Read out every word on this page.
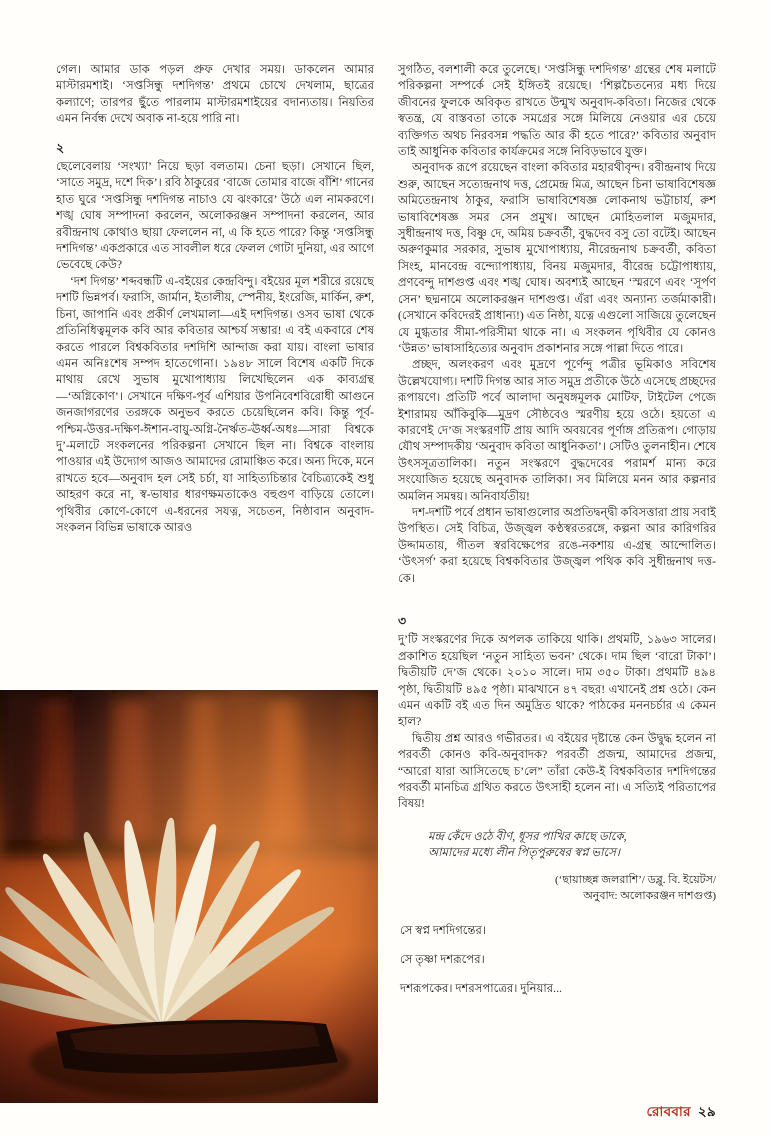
গেল। আমার ডাক পড়ল প্রুফ দেখার সময়। ডাকলেন আমার মাস্টারমশাই। ‘সপ্তসিন্ধু দশদিগন্ত’ প্রথমে চোখে দেখলাম, ছাত্রের কল্যাণে; তারপর ছুঁতে পারলাম মাস্টারমশাইয়ের বদান্যতায়। নিয়তির এমন নির্বন্ধ দেখে অবাক না-হয়ে পারি না।

২

ছেলেবেলায় ‘সংখ্যা’ নিয়ে ছড়া বলতাম। চেনা ছড়া। সেখানে ছিল, ‘সাতে সমুদ্র, দশে দিক’। রবি ঠাকুরের ‘বাজে তোমার বাজে বাঁশি’ গানের হাত ঘুরে ‘সপ্তসিন্ধু দশদিগন্ত নাচাও যে ঝংকারে’ উঠে এল নামকরণে। শঙ্খ ঘোষ সম্পাদনা করলেন, অলোকরঞ্জন সম্পাদনা করলেন, আর রবীন্দ্রনাথ কোথাও ছায়া ফেললেন না, এ কি হতে পারে? কিন্তু ‘সপ্তসিন্ধু দশদিগন্ত’ একপ্রকারে এত সাবলীল ধরে ফেলল গোটা দুনিয়া, এর আগে ভেবেছে কেউ?

‘দশ দিগন্ত’ শব্দবন্ধটি এ-বইয়ের কেন্দ্রবিন্দু। বইয়ের মূল শরীরে রয়েছে দশটি ভিন্নপর্ব। ফরাসি, জার্মান, ইতালীয়, স্পেনীয়, ইংরেজি, মার্কিন, রুশ, চিনা, জাপানি এবং প্রকীর্ণ লেখমালা—এই দশদিগন্ত। ওসব ভাষা থেকে প্রতিনিধিত্বমূলক কবি আর কবিতার আশ্চর্য সম্ভার! এ বই একবারে শেষ করতে পারলে বিশ্বকবিতার দশদিশি আন্দাজ করা যায়। বাংলা ভাষার এমন অনিঃশেষ সম্পদ হাতেগোনা। ১৯৪৮ সালে বিশেষ একটি দিকে মাথায় রেখে সুভাষ মুখোপাধ্যায় লিখেছিলেন এক কাব্যগ্রন্থ—‘অগ্নিকোণ’। সেখানে দক্ষিণ-পূর্ব এশিয়ার উপনিবেশবিরোধী আগুনে জনজাগরণের তরঙ্গকে অনুভব করতে চেয়েছিলেন কবি। কিন্তু পূর্ব-পশ্চিম-উত্তর-দক্ষিণ-ঈশান-বায়ু-অগ্নি-নৈর্ঋত-ঊর্ধ্ব-অধঃ—সারা বিশ্বকে দু’-মলাটে সংকলনের পরিকল্পনা সেখানে ছিল না। বিশ্বকে বাংলায় পাওয়ার এই উদ্যোগ আজও আমাদের রোমাঞ্চিত করে। অন্য দিকে, মনে রাখতে হবে—অনুবাদ হল সেই চর্চা, যা সাহিত্যচিন্তার বৈচিত্র্যকেই শুধু আহরণ করে না, স্ব-ভাষার ধারণক্ষমতাকেও বহুগুণ বাড়িয়ে তোলে। পৃথিবীর কোণে-কোণে এ-ধরনের সযত্ন, সচেতন, নিষ্ঠাবান অনুবাদ-সংকলন বিভিন্ন ভাষাকে আরও

সুগঠিত, বলশালী করে তুলেছে। ‘সপ্তসিন্ধু দশদিগন্ত’ গ্রন্থের শেষ মলাটে পরিকল্পনা সম্পর্কে সেই ইঙ্গিতই রয়েছে। ‘শিল্পচৈতন্যের মধ্য দিয়ে জীবনের ফুলকে অবিকৃত রাখতে উন্মুখ অনুবাদ-কবিতা। নিজের থেকে স্বতন্ত্র, যে বাস্তবতা তাকে সমগ্রের সঙ্গে মিলিয়ে নেওয়ার এর চেয়ে ব্যক্তিগত অথচ নিরবসন্ন পদ্ধতি আর কী হতে পারে?’ কবিতার অনুবাদ তাই আধুনিক কবিতার কার্যক্রমের সঙ্গে নিবিড়ভাবে যুক্ত।

অনুবাদক রূপে রয়েছেন বাংলা কবিতার মহারথীবৃন্দ। রবীন্দ্রনাথ দিয়ে শুরু, আছেন সত্যেন্দ্রনাথ দত্ত, প্রেমেন্দ্র মিত্র, আছেন চিনা ভাষাবিশেষজ্ঞ অমিতেন্দ্রনাথ ঠাকুর, ফরাসি ভাষাবিশেষজ্ঞ লোকনাথ ভট্টাচার্য, রুশ ভাষাবিশেষজ্ঞ সমর সেন প্রমুখ। আছেন মোহিতলাল মজুমদার, সুধীন্দ্রনাথ দত্ত, বিষ্ণু দে, অমিয় চক্রবর্তী, বুদ্ধদেব বসু তো বটেই। আছেন অরুণকুমার সরকার, সুভাষ মুখোপাধ্যায়, নীরেন্দ্রনাথ চক্রবর্তী, কবিতা সিংহ, মানবেন্দ্র বন্দ্যোপাধ্যায়, বিনয় মজুমদার, বীরেন্দ্র চট্টোপাধ্যায়, প্রণবেন্দু দাশগুপ্ত এবং শঙ্খ ঘোষ। অবশ্যই আছেন ‘স্মরণে এবং ‘সূর্পণ সেন’ ছদ্মনামে অলোকরঞ্জন দাশগুপ্ত। এঁরা এবং অন্যান্য তর্জমাকারী। (সেখানে কবিদেরই প্রাধান্য!) এত নিষ্ঠা, যত্নে এগুলো সাজিয়ে তুলেছেন যে মুগ্ধতার সীমা-পরিসীমা থাকে না। এ সংকলন পৃথিবীর যে কোনও ‘উন্নত’ ভাষাসাহিত্যের অনুবাদ প্রকাশনার সঙ্গে পাল্লা দিতে পারে।

প্রচ্ছদ, অলংকরণ এবং মুদ্রণে পূর্ণেন্দু পত্রীর ভূমিকাও সবিশেষ উল্লেখযোগ্য। দশটি দিগন্ত আর সাত সমুদ্র প্রতীকে উঠে এসেছে প্রচ্ছদের রূপায়ণে। প্রতিটি পর্বে আলাদা অনুষঙ্গমূলক মোটিফ, টাইটেল পেজে ইশারাময় আঁকিবুকি—মুদ্রণ সৌষ্ঠবেও স্মরণীয় হয়ে ওঠে। হয়তো এ কারণেই দে’জ সংস্করণটি প্রায় আদি অবয়বের পূর্ণাঙ্গ প্রতিরূপ। গোড়ায় যৌথ সম্পাদকীয় ‘অনুবাদ কবিতা আধুনিকতা’। সেটিও তুলনাহীন। শেষে উৎসসূত্রতালিকা। নতুন সংস্করণে বুদ্ধদেবের পরামর্শ মান্য করে সংযোজিত হয়েছে অনুবাদক তালিকা। সব মিলিয়ে মনন আর কল্পনার অমলিন সমন্বয়। অনিবার্যতীয়!

দশ-দশটি পর্বে প্রধান ভাষাগুলোর অপ্রতিদ্বন্দ্বী কবিসত্তারা প্রায় সবাই উপস্থিত। সেই বিচিত্র, উজ্জ্বল কণ্ঠস্বরতরঙ্গে, কল্পনা আর কারিগরির উদ্দামতায়, গীতল স্বরবিক্ষেপের রঙে-নকশায় এ-গ্রন্থ আন্দোলিত। ‘উৎসর্গ’ করা হয়েছে বিশ্বকবিতার উজ্জ্বল পথিক কবি সুধীন্দ্রনাথ দত্ত-কে।

৩

দু’টি সংস্করণের দিকে অপলক তাকিয়ে থাকি। প্রথমটি, ১৯৬৩ সালের। প্রকাশিত হয়েছিল ‘নতুন সাহিত্য ভবন’ থেকে। দাম ছিল ‘বারো টাকা’। দ্বিতীয়টি দে’জ থেকে। ২০১০ সালে। দাম ৩৫০ টাকা। প্রথমটি ৪৯৪ পৃষ্ঠা, দ্বিতীয়টি ৪৯৫ পৃষ্ঠা। মাঝখানে ৪৭ বছর! এখানেই প্রশ্ন ওঠে। কেন এমন একটি বই এত দিন অমুদ্রিত থাকে? পাঠকের মননচর্চার এ কেমন হাল?

দ্বিতীয় প্রশ্ন আরও গভীরতর। এ বইয়ের দৃষ্টান্তে কেন উদ্বুদ্ধ হলেন না পরবর্তী কোনও কবি-অনুবাদক? পরবর্তী প্রজন্ম, আমাদের প্রজন্ম, “আরো যারা আসিতেছে চ’লে” তাঁরা কেউ-ই বিশ্বকবিতার দশদিগন্তের পরবর্তী মানচিত্র গ্রথিত করতে উৎসাহী হলেন না। এ সত্যিই পরিতাপের বিষয়!

মন্দ্র কেঁদে ওঠে বীণ, ধূসর পাখির কাছে ডাকে,

আমাদের মধ্যে লীন পিতৃপুরুষের স্বপ্ন ভাসে।

(‘ছায়াচ্ছন্ন জলরাশি’/ ডব্লু. বি. ইয়েটস/

অনুবাদ: অলোকরঞ্জন দাশগুপ্ত)

সে স্বপ্ন দশদিগন্তের।

সে তৃষ্ণা দশরূপের।

দশরূপকের। দশরসপাত্রের। দুনিয়ার...

রোববার ২৯
